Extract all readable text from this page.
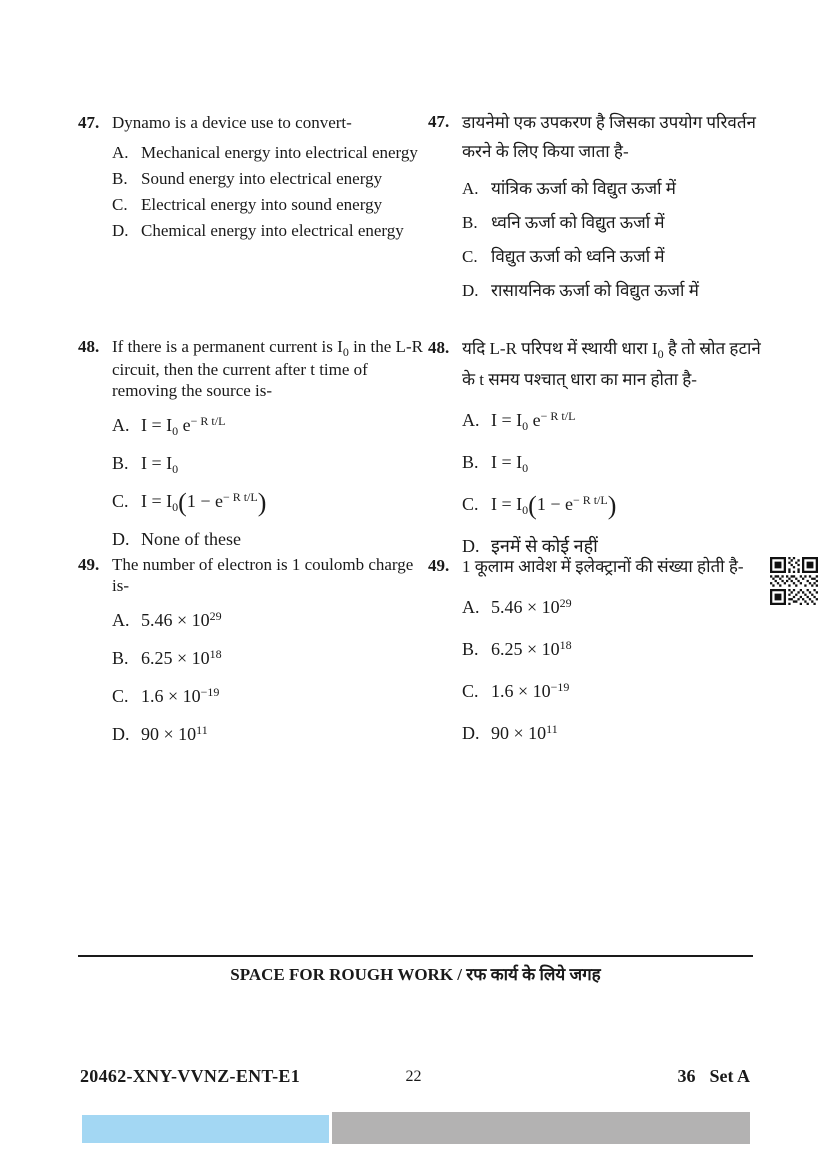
47. Dynamo is a device use to convert-
A. Mechanical energy into electrical energy
B. Sound energy into electrical energy
C. Electrical energy into sound energy
D. Chemical energy into electrical energy
47. डायनेमो एक उपकरण है जिसका उपयोग परिवर्तन करने के लिए किया जाता है-
A. यांत्रिक ऊर्जा को विद्युत ऊर्जा में
B. ध्वनि ऊर्जा को विद्युत ऊर्जा में
C. विद्युत ऊर्जा को ध्वनि ऊर्जा में
D. रासायनिक ऊर्जा को विद्युत ऊर्जा में
48. If there is a permanent current is $I_0$ in the L-R circuit, then the current after t time of removing the source is-
A. $I = I_0$ $e^{- R t/L}$
B. $I = I_0$
C. $I = I_0(1 - e^{- R t/L})$
D. None of these
48. यदि L-R परिपथ में स्थायी धारा $I_0$ है तो स्रोत हटाने के t समय पश्चात् धारा का मान होता है-
A. $I = I_0$ $e^{- R t/L}$
B. $I = I_0$
C. $I = I_0(1 - e^{- R t/L})$
D. इनमें से कोई नहीं
49. The number of electron is 1 coulomb charge is-
A. $5.46 \times 10^{29}$
B. $6.25 \times 10^{18}$
C. $1.6 \times 10^{-19}$
D. $90 \times 10^{11}$
49. 1 कूलाम आवेश में इलेक्ट्रानों की संख्या होती है-
A. $5.46 \times 10^{29}$
B. $6.25 \times 10^{18}$
C. $1.6 \times 10^{-19}$
D. $90 \times 10^{11}$
SPACE FOR ROUGH WORK / रफ कार्य के लिये जगह
20462-XNY-VVNZ-ENT-E1	22	36 Set A
